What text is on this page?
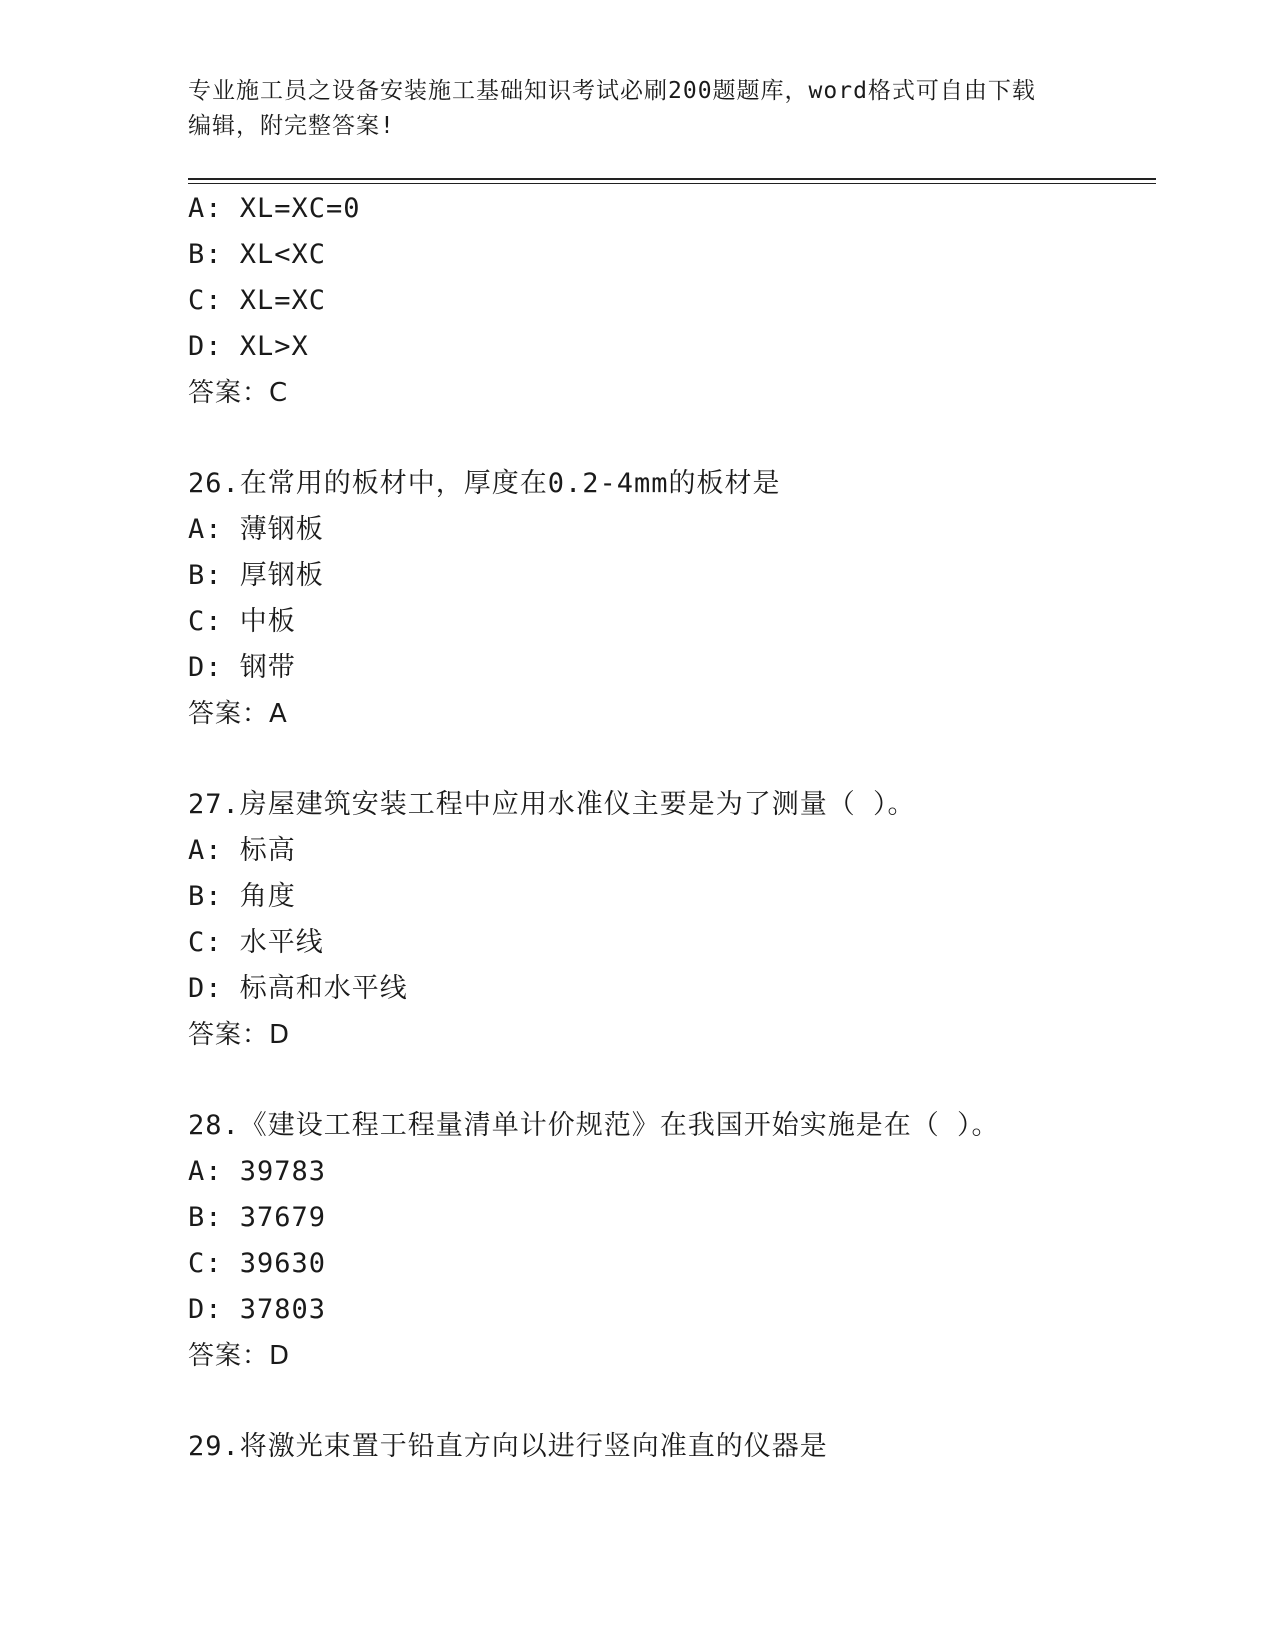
专业施工员之设备安装施工基础知识考试必刷200题题库，word格式可自由下载
编辑，附完整答案!
A: XL=XC=0
B: XL<XC
C: XL=XC
D: XL>X
答案：C
26.在常用的板材中，厚度在0.2-4mm的板材是
A: 薄钢板
B: 厚钢板
C: 中板
D: 钢带
答案：A
27.房屋建筑安装工程中应用水准仪主要是为了测量（ ）。
A: 标高
B: 角度
C: 水平线
D: 标高和水平线
答案：D
28.《建设工程工程量清单计价规范》在我国开始实施是在（ ）。
A: 39783
B: 37679
C: 39630
D: 37803
答案：D
29.将激光束置于铅直方向以进行竖向准直的仪器是
